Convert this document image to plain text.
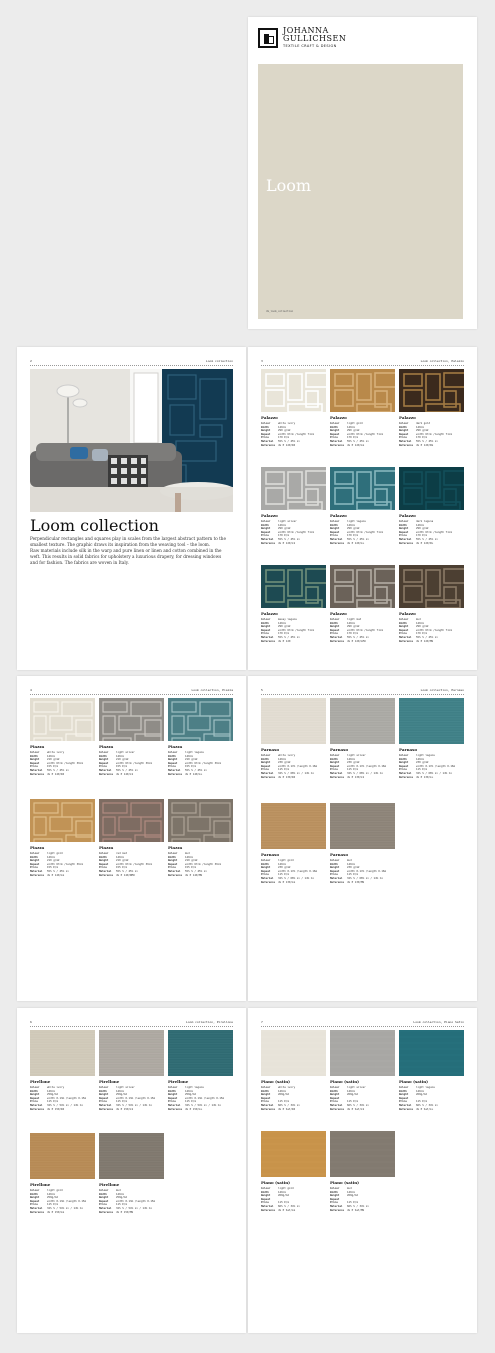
JOHANNA
GULLICHSEN
TEXTILE CRAFT & DESIGN
Loom
JG_loom_collection
2	Loom collection
Loom collection

Perpendicular rectangles and squares play in scales from the largest abstract pattern to the smallest texture. The graphic draws its inspiration from the weaving tool – the loom.

Raw materials include silk in the warp and pure linen or linen and cotton combined in the weft. This results in solid fabrics for upholstery a luxurious drapery, for dressing windows and for fashion. The fabrics are woven in Italy.

3	Loom collection, Palazzo
Palazzo
Colour	white ivory
Width	140cm
Weight	290 g/m2
Repeat	width 67cm /length 71cm
Price	170 €/m
Material 55% S / 45% Li
Reference JG P 120/WI
Palazzo
Colour	light gold
Width	140cm
Weight	290 g/m2
Repeat	width 67cm /length 71cm
Price	170 €/m
Material 55% S / 45% Li
Reference JG P 120/LG
Palazzo
Colour	dark gold
Width	140cm
Weight	290 g/m2
Repeat	width 67cm /length 71cm
Price	170 €/m
Material 55% S / 45% Li
Reference JG P 120/DG
Palazzo
Colour	light silver
Width	140cm
Weight	290 g/m2
Repeat	width 67cm /length 71cm
Price	170 €/m
Material 55% S / 45% Li
Reference JG P 120/LS
Palazzo
Colour	light laguna
Width	140cm
Weight	290 g/m2
Repeat	width 67cm /length 71cm
Price	170 €/m
Material 55% S / 45% Li
Reference JG P 120/LL
Palazzo
Colour	dark laguna
Width	140cm
Weight	290 g/m2
Repeat	width 67cm /length 71cm
Price	170 €/m
Material 55% S / 45% Li
Reference JG P 120/DL
Palazzo
Colour	messy laguna
Width	140cm
Weight	290 g/m2
Repeat	width 67cm /length 71cm
Price	170 €/m
Material 55% S / 45% Li
Reference JG P 120
Palazzo
Colour	light mud
Width	140cm
Weight	290 g/m2
Repeat	width 67cm /length 71cm
Price	170 €/m
Material 55% S / 45% Li
Reference JG P 120/LMU
Palazzo
Colour	mud
Width	140cm
Weight	290 g/m2
Repeat	width 67cm /length 71cm
Price	170 €/m
Material 55% S / 45% Li
Reference JG P 120/MU
4	Loom collection, Piazza
Piazza
Colour	white ivory
Width	140cm
Weight	210 g/m2
Repeat	width 67cm /length 36cm
Price	155 €/m
Material 55% S / 45% Li
Reference JG P 140/WI
Piazza
Colour	light silver
Width	140cm
Weight	210 g/m2
Repeat	width 67cm /length 36cm
Price	155 €/m
Material 55% S / 45% Li
Reference JG P 140/LS
Piazza
Colour	light laguna
Width	140cm
Weight	210 g/m2
Repeat	width 67cm /length 36cm
Price	155 €/m
Material 55% S / 45% Li
Reference JG P 140/LL
Piazza
Colour	light gold
Width	140cm
Weight	210 g/m2
Repeat	width 67cm /length 36cm
Price	155 €/m
Material 55% S / 45% Li
Reference JG P 140/LG
Piazza
Colour	red mud
Width	140cm
Weight	210 g/m2
Repeat	width 67cm /length 36cm
Price	155 €/m
Material 55% S / 45% Li
Reference JG P 140/RMU
Piazza
Colour	mud
Width	140cm
Weight	210 g/m2
Repeat	width 67cm /length 36cm
Price	155 €/m
Material 55% S / 45% Li
Reference JG P 140/MU
5	Loom collection, Parnaso
Parnaso
Colour	white ivory
Width	140cm
Weight	230 g/m2
Repeat	width 0.17m /length 0.16m
Price	115 €/m
Material 32% S / 68% Li / 14% Co
Reference JG P 130/WI
Parnaso
Colour	light silver
Width	140cm
Weight	230 g/m2
Repeat	width 0.17m /length 0.16m
Price	115 €/m
Material 32% S / 68% Li / 14% Co
Reference JG P 130/LS
Parnaso
Colour	light laguna
Width	140cm
Weight	230 g/m2
Repeat	width 0.17m /length 0.16m
Price	115 €/m
Material 32% S / 68% Li / 14% Co
Reference JG P 130/LL
Parnaso
Colour	light gold
Width	140cm
Weight	230 g/m2
Repeat	width 0.17m /length 0.16m
Price	115 €/m
Material 32% S / 68% Li / 14% Co
Reference JG P 130/LG
Parnaso
Colour	mud
Width	140cm
Weight	230 g/m2
Repeat	width 0.17m /length 0.16m
Price	115 €/m
Material 32% S / 68% Li / 14% Co
Reference JG P 130/MU
6	Loom collection, Pirellone
Pirellone
Colour	white ivory
Width	140cm
Weight	250g/m2
Repeat	width 0.13m /length 0.15m
Price	115 €/m
Material 32% S / 54% Li / 14% Co
Reference JG P 150/WI
Pirellone
Colour	light silver
Width	140cm
Weight	250g/m2
Repeat	width 0.13m /length 0.15m
Price	115 €/m
Material 32% S / 54% Li / 14% Co
Reference JG P 150/LS
Pirellone
Colour	light laguna
Width	140cm
Weight	250g/m2
Repeat	width 0.13m /length 0.15m
Price	115 €/m
Material 32% S / 54% Li / 14% Co
Reference JG P 150/LL
Pirellone
Colour	light gold
Width	140cm
Weight	250g/m2
Repeat	width 0.13m /length 0.15m
Price	115 €/m
Material 32% S / 54% Li / 14% Co
Reference JG P 150/LG
Pirellone
Colour	mud
Width	140cm
Weight	250g/m2
Repeat	width 0.13m /length 0.15m
Price	115 €/m
Material 32% S / 54% Li / 14% Co
Reference JG P 150/MU
7	Loom collection, Piano Satin
Piano (satin)
Colour	white ivory
Width	140cm
Weight	260g/m2
Repeat
Price	115 €/m
Material 66% S / 34% Li
Reference JG P Sat/WI
Piano (satin)
Colour	light silver
Width	140cm
Weight	260g/m2
Repeat
Price	115 €/m
Material 66% S / 34% Li
Reference JG P Sat/LS
Piano (satin)
Colour	light laguna
Width	140cm
Weight	260g/m2
Repeat
Price	115 €/m
Material 66% S / 34% Li
Reference JG P Sat/LL
Piano (satin)
Colour	light gold
Width	140cm
Weight	260g/m2
Repeat
Price	115 €/m
Material 66% S / 34% Li
Reference JG P Sat/LG
Piano (satin)
Colour	mud
Width	140cm
Weight	260g/m2
Repeat
Price	115 €/m
Material 66% S / 34% Li
Reference JG P Sat/MU
